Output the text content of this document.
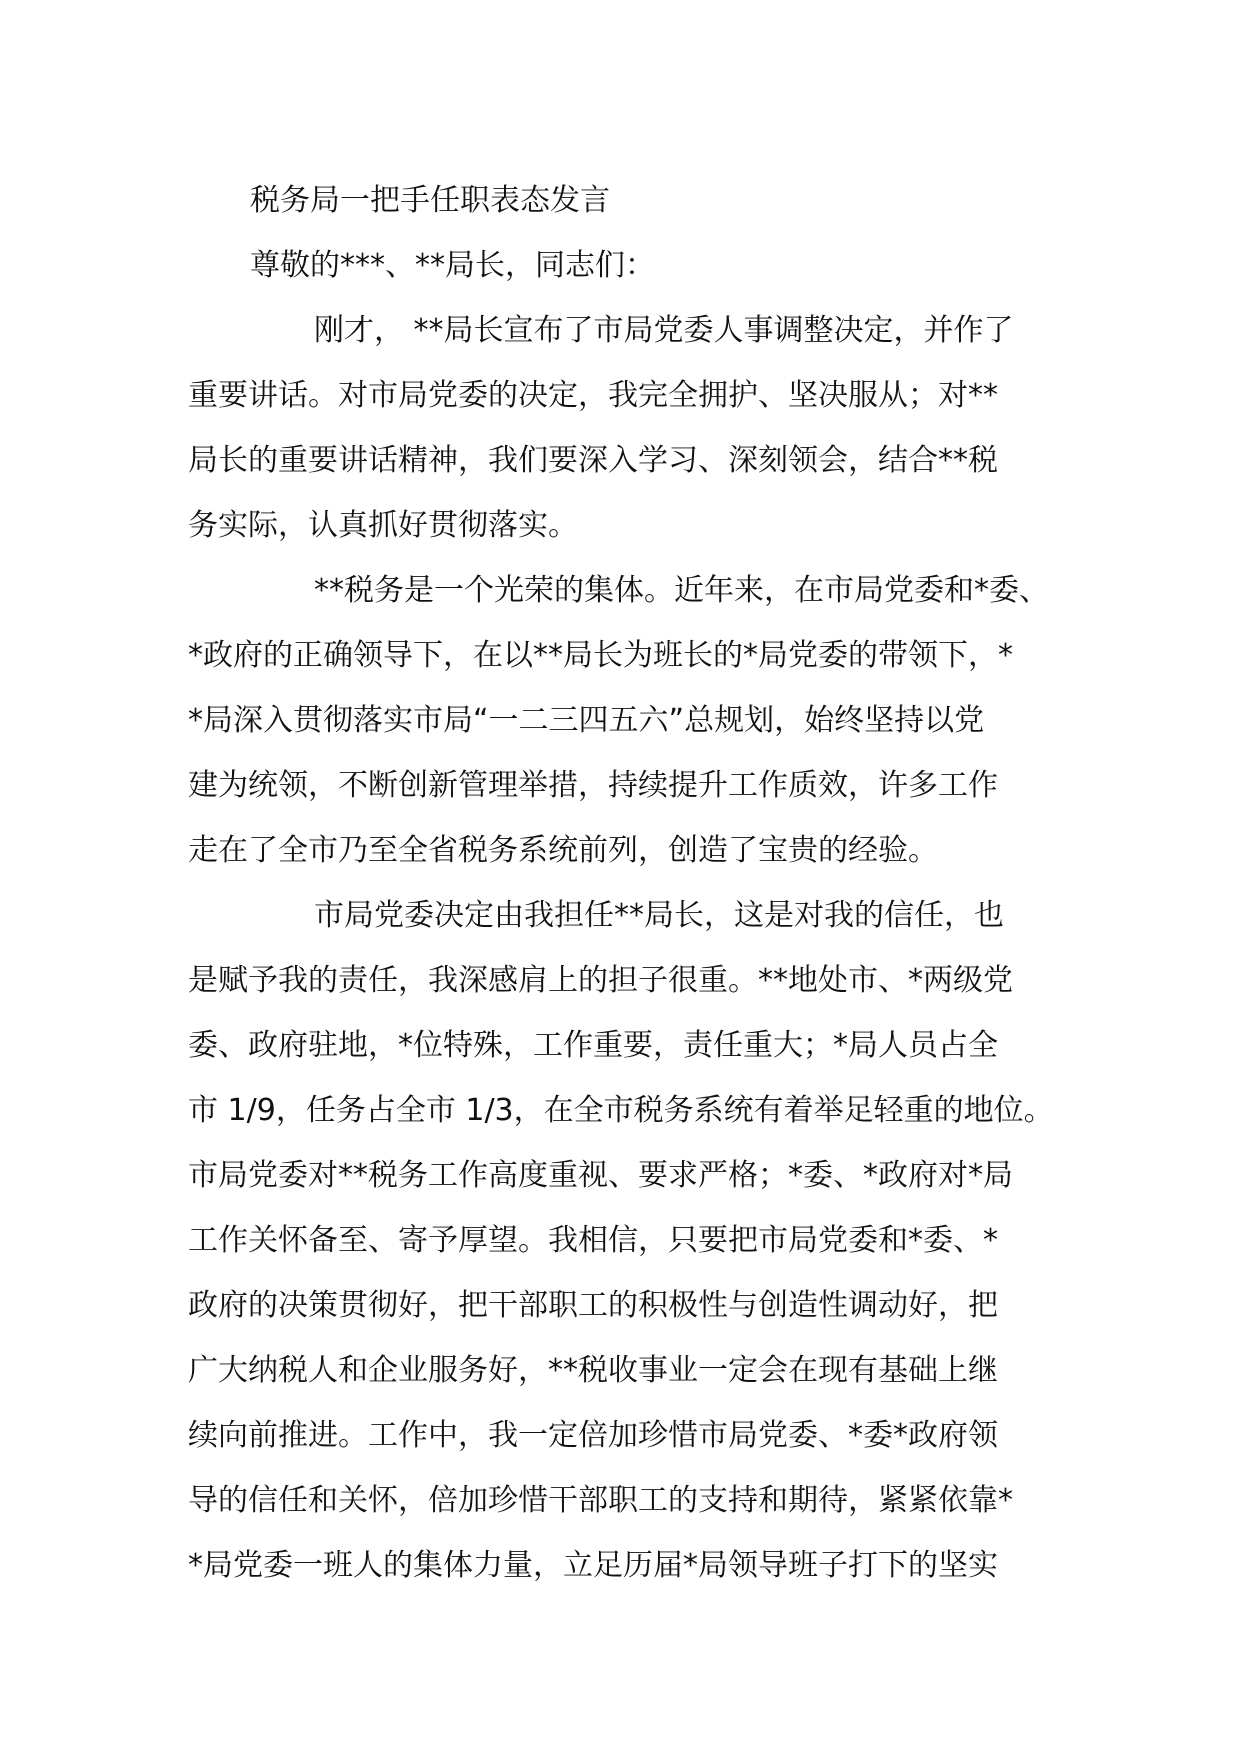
税务局一把手任职表态发言
尊敬的***、**局长，同志们：
刚才， **局长宣布了市局党委人事调整决定，并作了
重要讲话。对市局党委的决定，我完全拥护、坚决服从；对**
局长的重要讲话精神，我们要深入学习、深刻领会，结合**税
务实际，认真抓好贯彻落实。
**税务是一个光荣的集体。近年来，在市局党委和*委、
*政府的正确领导下，在以**局长为班长的*局党委的带领下，*
*局深入贯彻落实市局“一二三四五六”总规划，始终坚持以党
建为统领，不断创新管理举措，持续提升工作质效，许多工作
走在了全市乃至全省税务系统前列，创造了宝贵的经验。
市局党委决定由我担任**局长，这是对我的信任，也
是赋予我的责任，我深感肩上的担子很重。**地处市、*两级党
委、政府驻地，*位特殊，工作重要，责任重大；*局人员占全
市 1/9，任务占全市 1/3，在全市税务系统有着举足轻重的地位。
市局党委对**税务工作高度重视、要求严格；*委、*政府对*局
工作关怀备至、寄予厚望。我相信，只要把市局党委和*委、*
政府的决策贯彻好，把干部职工的积极性与创造性调动好，把
广大纳税人和企业服务好，**税收事业一定会在现有基础上继
续向前推进。工作中，我一定倍加珍惜市局党委、*委*政府领
导的信任和关怀，倍加珍惜干部职工的支持和期待，紧紧依靠*
*局党委一班人的集体力量，立足历届*局领导班子打下的坚实
